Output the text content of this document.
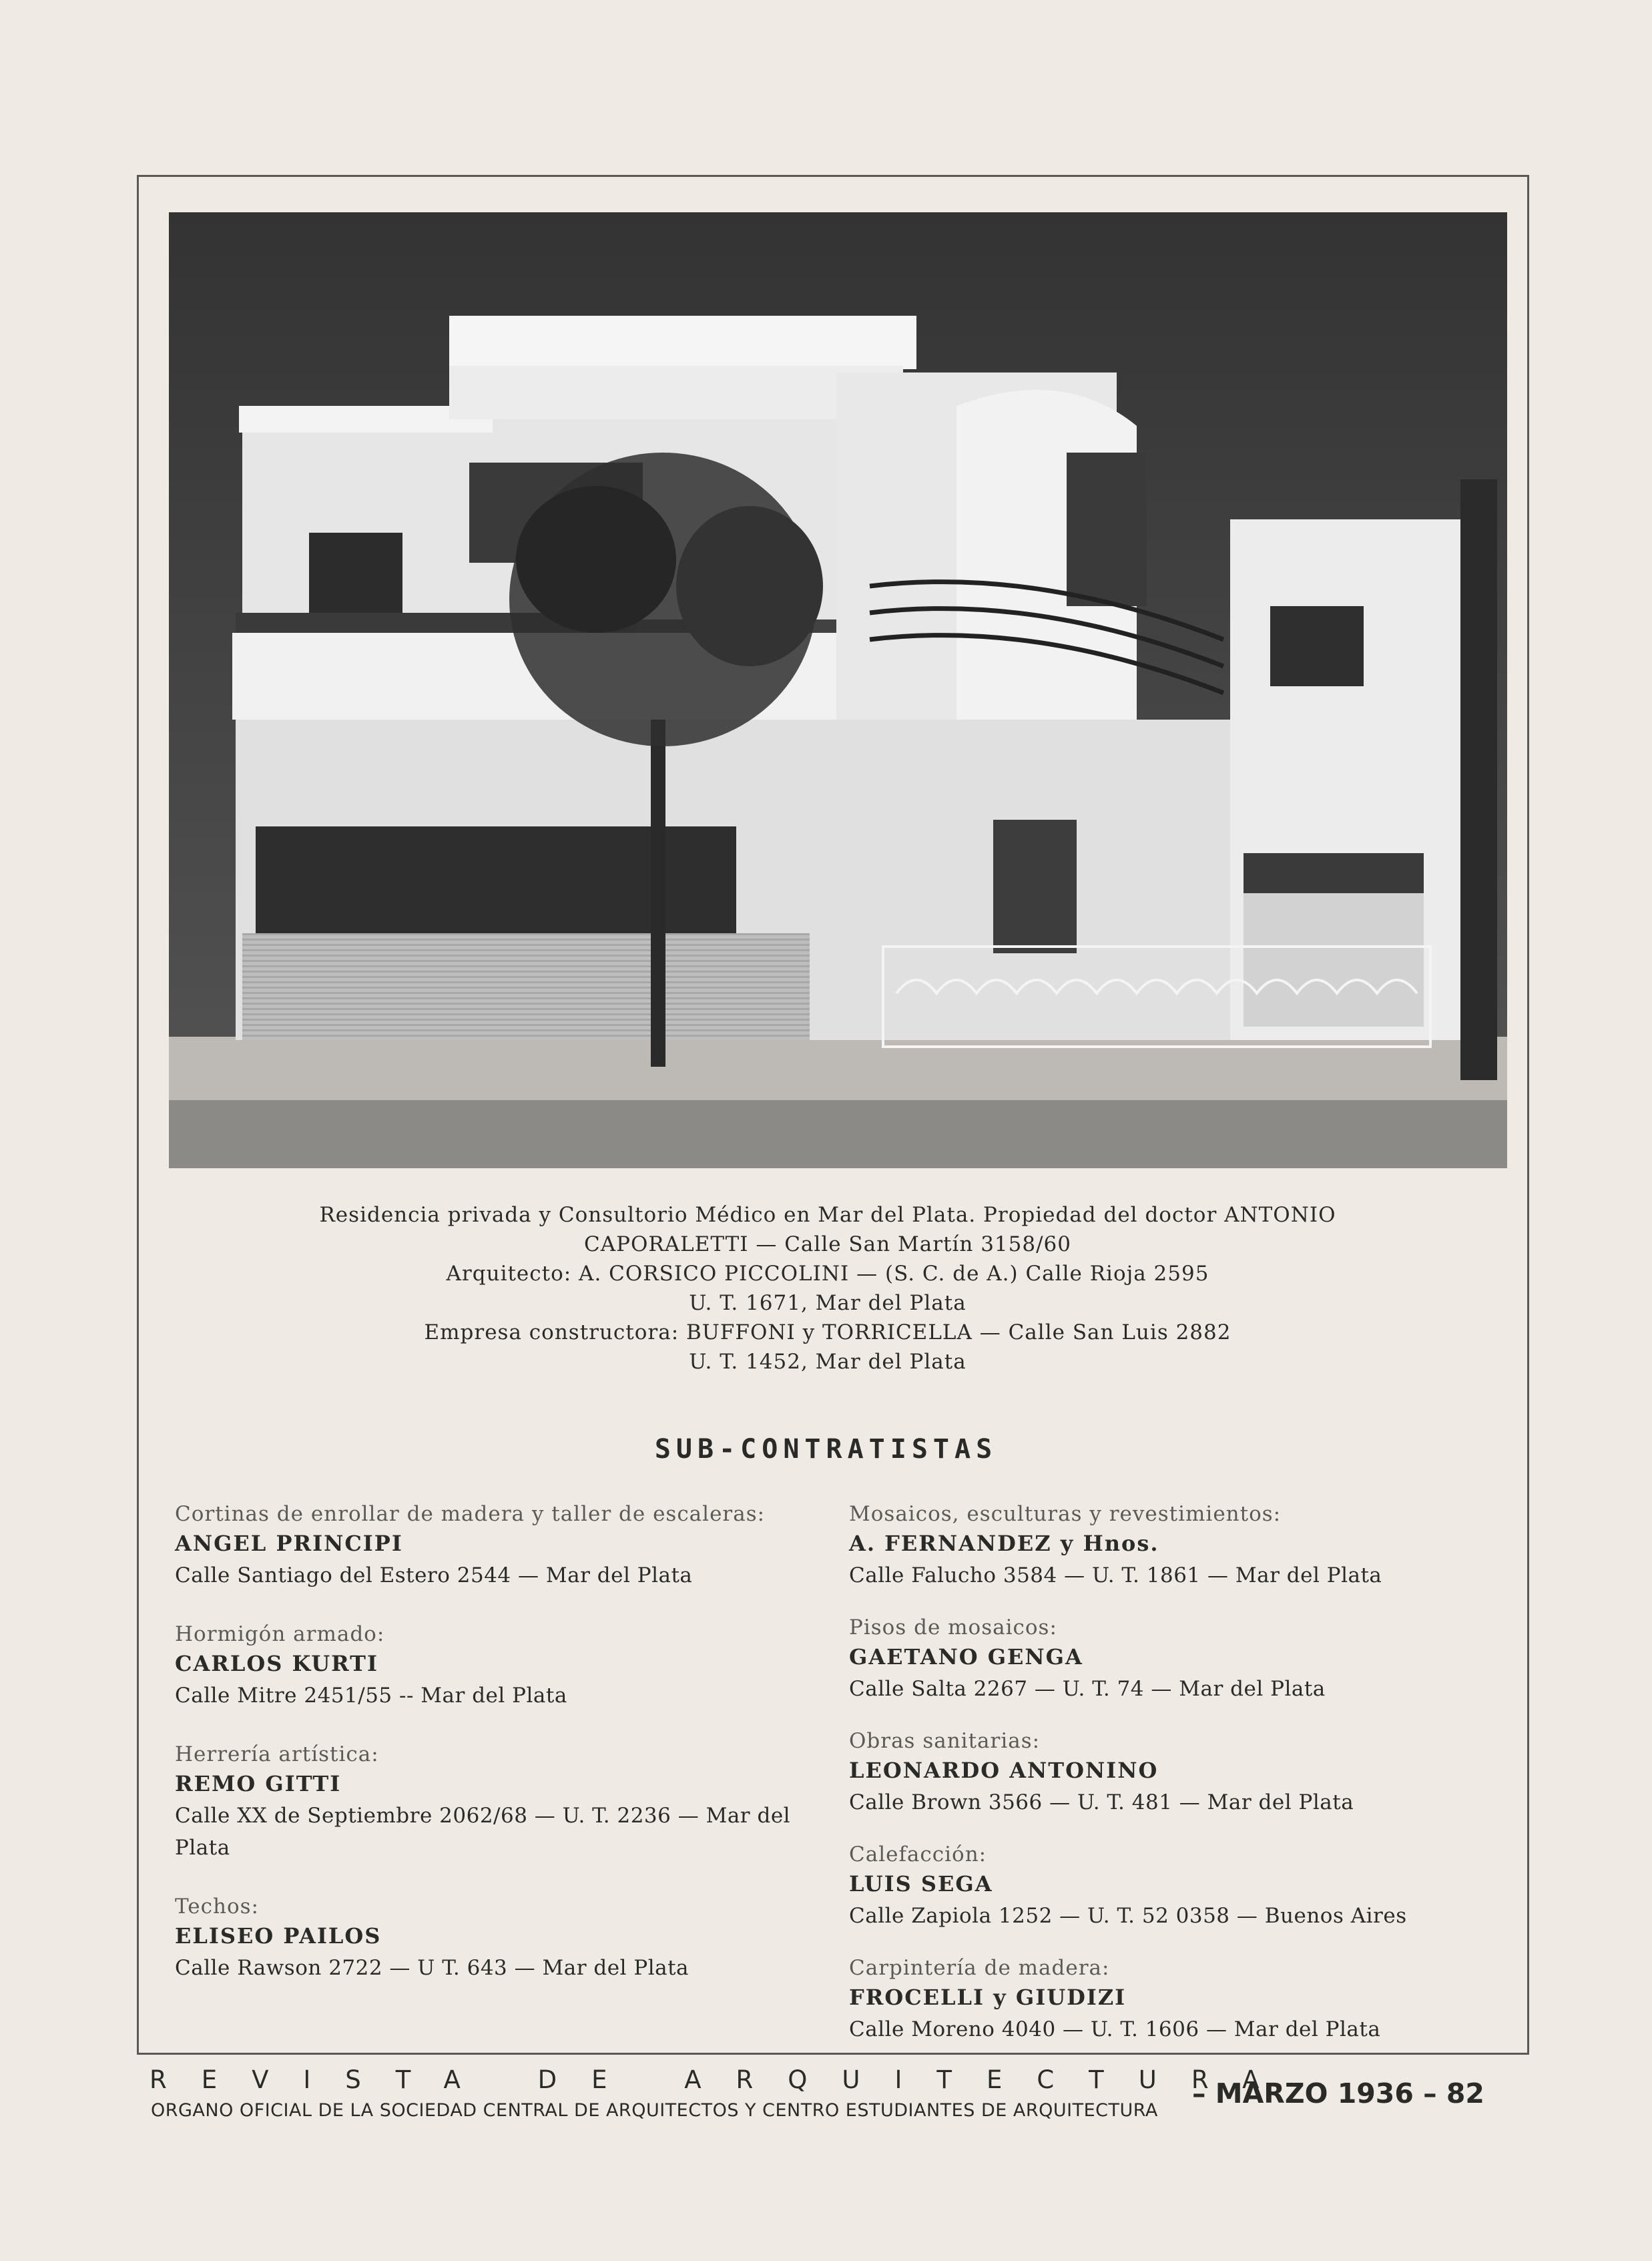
Residencia privada y Consultorio Médico en Mar del Plata. Propiedad del doctor ANTONIO
CAPORALETTI — Calle San Martín 3158/60
Arquitecto: A. CORSICO PICCOLINI — (S. C. de A.) Calle Rioja 2595
U. T. 1671, Mar del Plata
Empresa constructora: BUFFONI y TORRICELLA — Calle San Luis 2882
U. T. 1452, Mar del Plata
SUB-CONTRATISTAS
Cortinas de enrollar de madera y taller de escaleras:
ANGEL PRINCIPI
Calle Santiago del Estero 2544 — Mar del Plata
Hormigón armado:
CARLOS KURTI
Calle Mitre 2451/55 -- Mar del Plata
Herrería artística:
REMO GITTI
Calle XX de Septiembre 2062/68 — U. T. 2236 — Mar del Plata
Techos:
ELISEO PAILOS
Calle Rawson 2722 — U T. 643 — Mar del Plata
Mosaicos, esculturas y revestimientos:
A. FERNANDEZ y Hnos.
Calle Falucho 3584 — U. T. 1861 — Mar del Plata
Pisos de mosaicos:
GAETANO GENGA
Calle Salta 2267 — U. T. 74 — Mar del Plata
Obras sanitarias:
LEONARDO ANTONINO
Calle Brown 3566 — U. T. 481 — Mar del Plata
Calefacción:
LUIS SEGA
Calle Zapiola 1252 — U. T. 52 0358 — Buenos Aires
Carpintería de madera:
FROCELLI y GIUDIZI
Calle Moreno 4040 — U. T. 1606 — Mar del Plata
REVISTA DE ARQUITECTURA
ORGANO OFICIAL DE LA SOCIEDAD CENTRAL DE ARQUITECTOS Y CENTRO ESTUDIANTES DE ARQUITECTURA
– MARZO 1936 – 82
